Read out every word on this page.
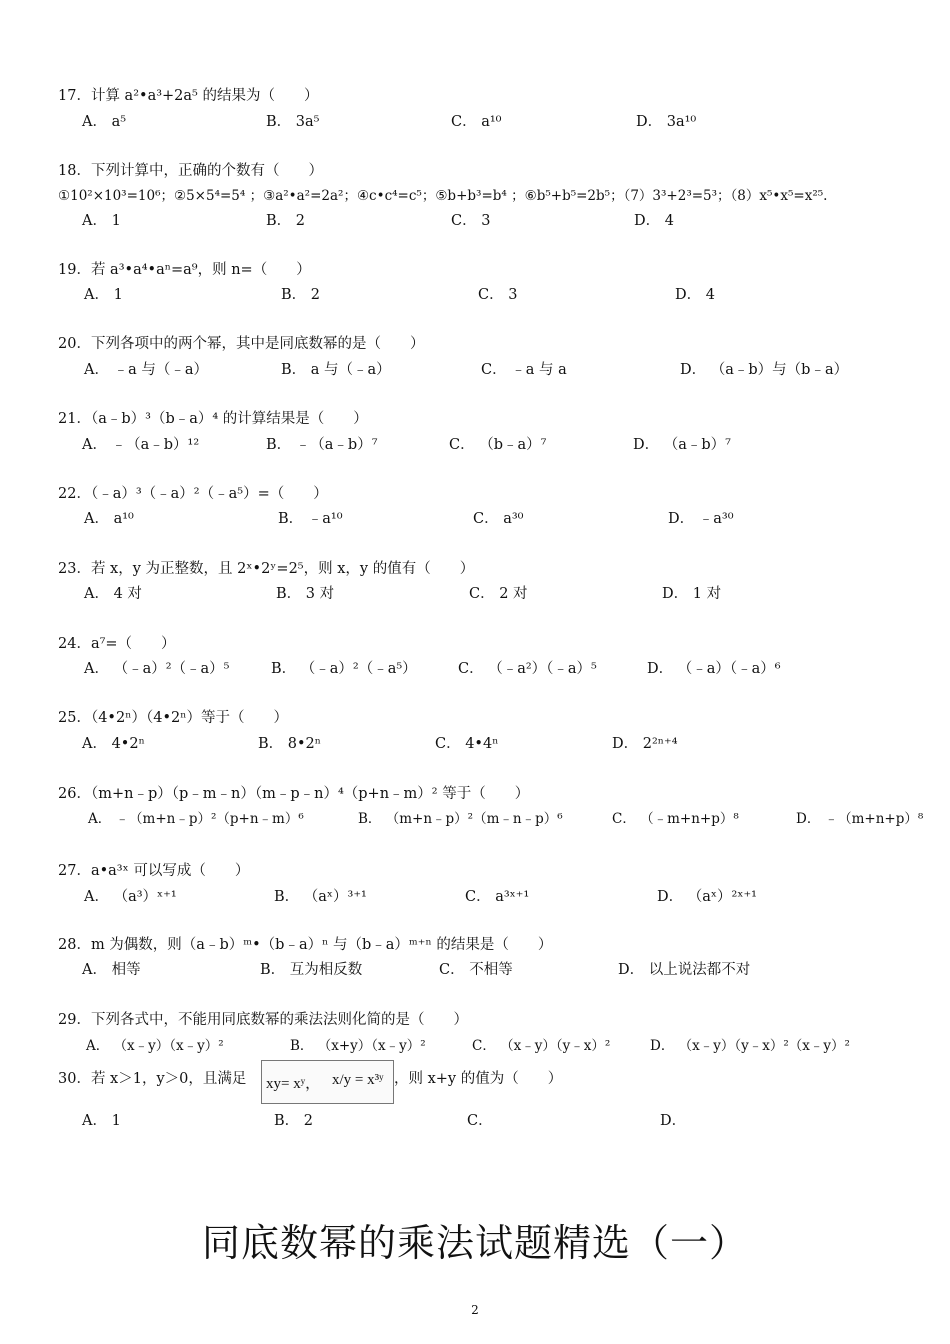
17．计算 a²•a³+2a⁵ 的结果为（　　）
A． a⁵	B． 3a⁵	C． a¹⁰	D． 3a¹⁰
18．下列计算中，正确的个数有（　　）
①10²×10³=10⁶；②5×5⁴=5⁴ ；③a²•a²=2a²；④c•c⁴=c⁵；⑤b+b³=b⁴ ；⑥b⁵+b⁵=2b⁵；（7）3³+2³=5³；（8）x⁵•x⁵=x²⁵.
A． 1	B． 2	C． 3	D． 4
19．若 a³•a⁴•aⁿ=a⁹，则 n=（　　）
A． 1	B． 2	C． 3	D． 4
20．下列各项中的两个幂，其中是同底数幂的是（　　）
A． ﹣a 与（﹣a）	B． a 与（﹣a）	C． ﹣a 与 a	D． （a﹣b）与（b﹣a）
21．（a﹣b）³（b﹣a）⁴ 的计算结果是（　　）
A． ﹣（a﹣b）¹²	B． ﹣（a﹣b）⁷	C． （b﹣a）⁷	D． （a﹣b）⁷
22．（﹣a）³（﹣a）²（﹣a⁵）=（　　）
A． a¹⁰	B． ﹣a¹⁰	C． a³⁰	D． ﹣a³⁰
23．若 x，y 为正整数，且 2ˣ•2ʸ=2⁵，则 x，y 的值有（　　）
A． 4 对	B． 3 对	C． 2 对	D． 1 对
24．a⁷=（　　）
A． （﹣a）²（﹣a）⁵	B． （﹣a）²（﹣a⁵）	C． （﹣a²）（﹣a）⁵	D． （﹣a）（﹣a）⁶
25．（4•2ⁿ）（4•2ⁿ）等于（　　）
A． 4•2ⁿ	B． 8•2ⁿ	C． 4•4ⁿ	D． 2²ⁿ⁺⁴
26．（m+n﹣p）（p﹣m﹣n）（m﹣p﹣n）⁴（p+n﹣m）² 等于（　　）
A． ﹣（m+n﹣p）²（p+n﹣m）⁶	B． （m+n﹣p）²（m﹣n﹣p）⁶	C． （﹣m+n+p）⁸	D． ﹣（m+n+p）⁸
27．a•a³ˣ 可以写成（　　）
A． （a³）ˣ⁺¹	B． （aˣ）³⁺¹	C． a³ˣ⁺¹	D． （aˣ）²ˣ⁺¹
28．m 为偶数，则（a﹣b）ᵐ•（b﹣a）ⁿ 与（b﹣a）ᵐ⁺ⁿ 的结果是（　　）
A． 相等	B． 互为相反数	C． 不相等	D． 以上说法都不对
29．下列各式中，不能用同底数幂的乘法法则化简的是（　　）
A． （x﹣y）（x﹣y）²	B． （x+y）（x﹣y）²	C． （x﹣y）（y﹣x）²	D． （x﹣y）（y﹣x）²（x﹣y）²
30．若 x＞1，y＞0，且满足 xy= xʸ， x/y = x³ʸ ，则 x+y 的值为（　　）
A． 1	B． 2	C．	D．
同底数幂的乘法试题精选（一）
2
